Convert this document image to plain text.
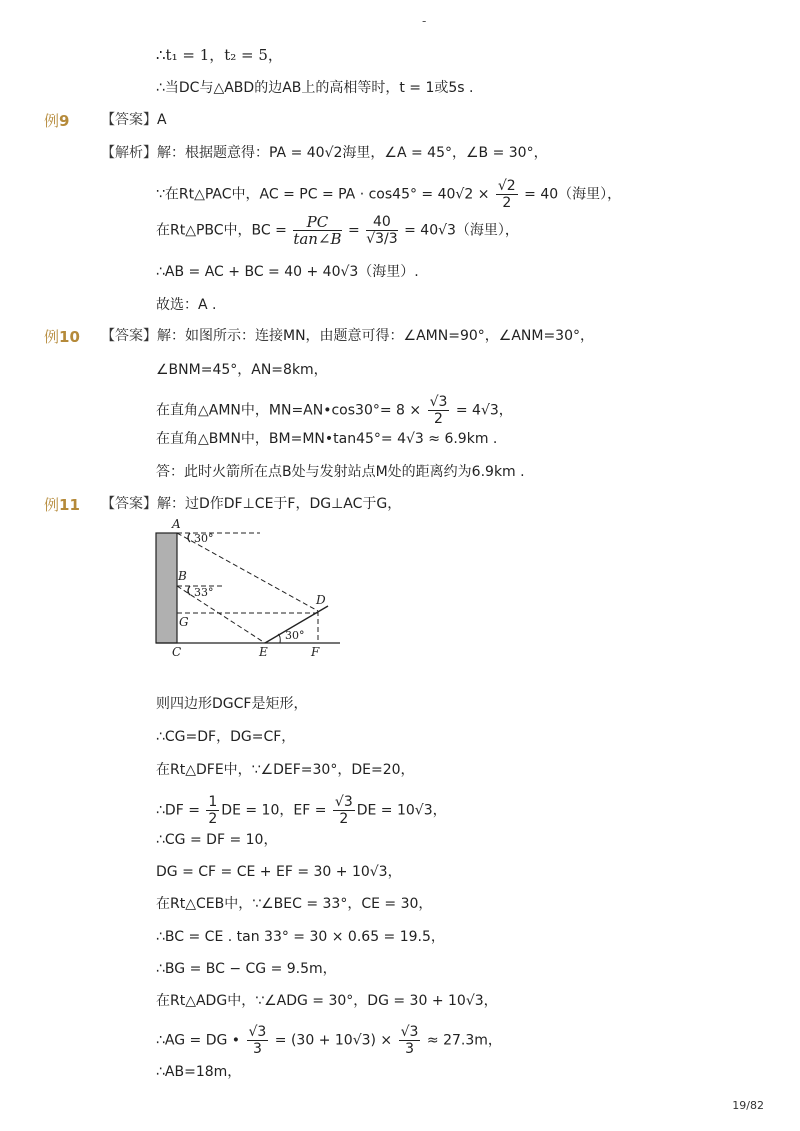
-
∴t₁ = 1，t₂ = 5，
∴当DC与△ABD的边AB上的高相等时，t = 1或5s .
例9 【答案】A
【解析】解：根据题意得：PA = 40√2海里，∠A = 45°，∠B = 30°，
∵在Rt△PAC中，AC = PC = PA · $\cos 45^\circ = 40√2 \times \frac{√2}{2} = 40$（海里），
在Rt△PBC中，BC = $\frac{PC}{\tan\angle B} = \frac{40}{√3/3} = 40√3$（海里），
∴AB = AC + BC = 40 + 40√3（海里）.
故选：A .
例10 【答案】解：如图所示：连接MN，由题意可得：∠AMN=90°，∠ANM=30°，
∠BNM=45°，AN=8km，
在直角△AMN中，MN=AN•cos30°= $8 \times \frac{√3}{2} = 4√3$，
在直角△BMN中，BM=MN•tan45°= 4√3 ≈ 6.9km .
答：此时火箭所在点B处与发射站点M处的距离约为6.9km .
例11 【答案】解：过D作DF⊥CE于F，DG⊥AC于G，
A
B
G
C	E	F
D
30°
33°
30°
则四边形DGCF是矩形，
∴CG=DF，DG=CF，
在Rt△DFE中，∵∠DEF=30°，DE=20，
∴DF = $\frac{1}{2}$ DE = 10，EF = $\frac{√3}{2}$ DE = 10√3，
∴CG = DF = 10，
DG = CF = CE + EF = 30 + 10√3，
在Rt△CEB中，∵∠BEC = 33°，CE = 30，
∴BC = CE . tan 33° = 30 × 0.65 = 19.5，
∴BG = BC − CG = 9.5m，
在Rt△ADG中，∵∠ADG = 30°，DG = 30 + 10√3，
∴AG = DG • $\frac{√3}{3} = (30 + 10√3) \times \frac{√3}{3} \approx 27.3m$，
∴AB=18m，
19/82
